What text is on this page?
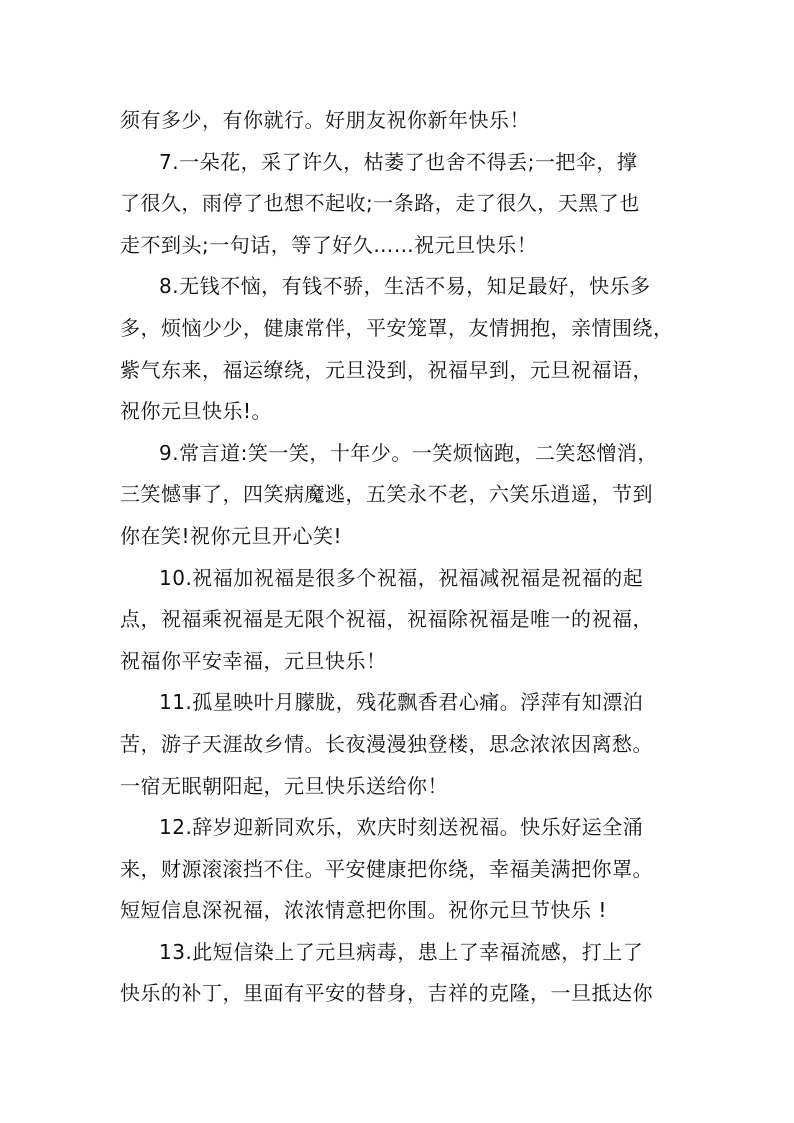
须有多少，有你就行。好朋友祝你新年快乐！
7.一朵花，采了许久，枯萎了也舍不得丢;一把伞，撑
了很久，雨停了也想不起收;一条路，走了很久，天黑了也
走不到头;一句话，等了好久……祝元旦快乐！
8.无钱不恼，有钱不骄，生活不易，知足最好，快乐多
多，烦恼少少，健康常伴，平安笼罩，友情拥抱，亲情围绕，
紫气东来，福运缭绕，元旦没到，祝福早到，元旦祝福语，
祝你元旦快乐!。
9.常言道:笑一笑，十年少。一笑烦恼跑，二笑怒憎消，
三笑憾事了，四笑病魔逃，五笑永不老，六笑乐逍遥，节到
你在笑!祝你元旦开心笑!
10.祝福加祝福是很多个祝福，祝福减祝福是祝福的起
点，祝福乘祝福是无限个祝福，祝福除祝福是唯一的祝福，
祝福你平安幸福，元旦快乐！
11.孤星映叶月朦胧，残花飘香君心痛。浮萍有知漂泊
苦，游子天涯故乡情。长夜漫漫独登楼，思念浓浓因离愁。
一宿无眠朝阳起，元旦快乐送给你！
12.辞岁迎新同欢乐，欢庆时刻送祝福。快乐好运全涌
来，财源滚滚挡不住。平安健康把你绕，幸福美满把你罩。
短短信息深祝福，浓浓情意把你围。祝你元旦节快乐 !
13.此短信染上了元旦病毒，患上了幸福流感，打上了
快乐的补丁，里面有平安的替身，吉祥的克隆，一旦抵达你
